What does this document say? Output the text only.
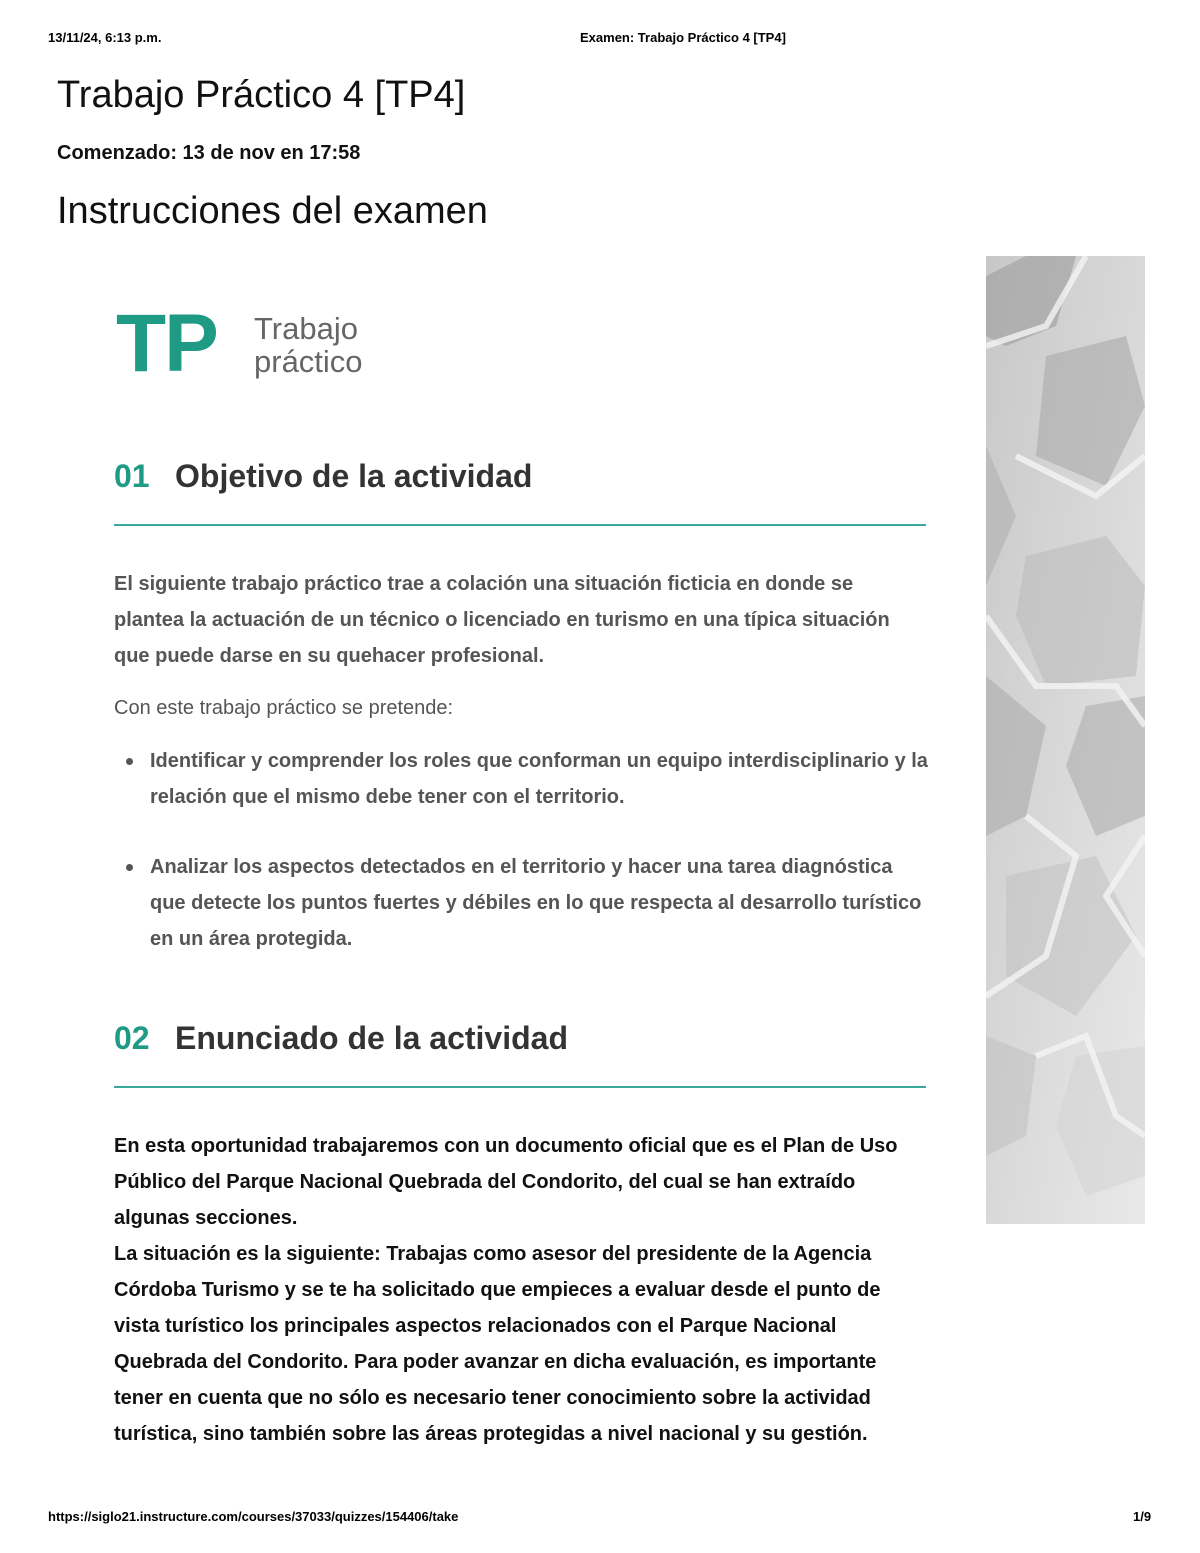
13/11/24, 6:13 p.m.	Examen: Trabajo Práctico 4 [TP4]
Trabajo Práctico 4 [TP4]
Comenzado: 13 de nov en 17:58
Instrucciones del examen
TP Trabajo
práctico
01 Objetivo de la actividad

El siguiente trabajo práctico trae a colación una situación ficticia en donde se plantea la actuación de un técnico o licenciado en turismo en una típica situación que puede darse en su quehacer profesional.

Con este trabajo práctico se pretende:

Identificar y comprender los roles que conforman un equipo interdisciplinario y la relación que el mismo debe tener con el territorio.
Analizar los aspectos detectados en el territorio y hacer una tarea diagnóstica que detecte los puntos fuertes y débiles en lo que respecta al desarrollo turístico en un área protegida.
02 Enunciado de la actividad
En esta oportunidad trabajaremos con un documento oficial que es el Plan de Uso Público del Parque Nacional Quebrada del Condorito, del cual se han extraído algunas secciones.
La situación es la siguiente: Trabajas como asesor del presidente de la Agencia Córdoba Turismo y se te ha solicitado que empieces a evaluar desde el punto de vista turístico los principales aspectos relacionados con el Parque Nacional Quebrada del Condorito. Para poder avanzar en dicha evaluación, es importante tener en cuenta que no sólo es necesario tener conocimiento sobre la actividad turística, sino también sobre las áreas protegidas a nivel nacional y su gestión.
https://siglo21.instructure.com/courses/37033/quizzes/154406/take	1/9
